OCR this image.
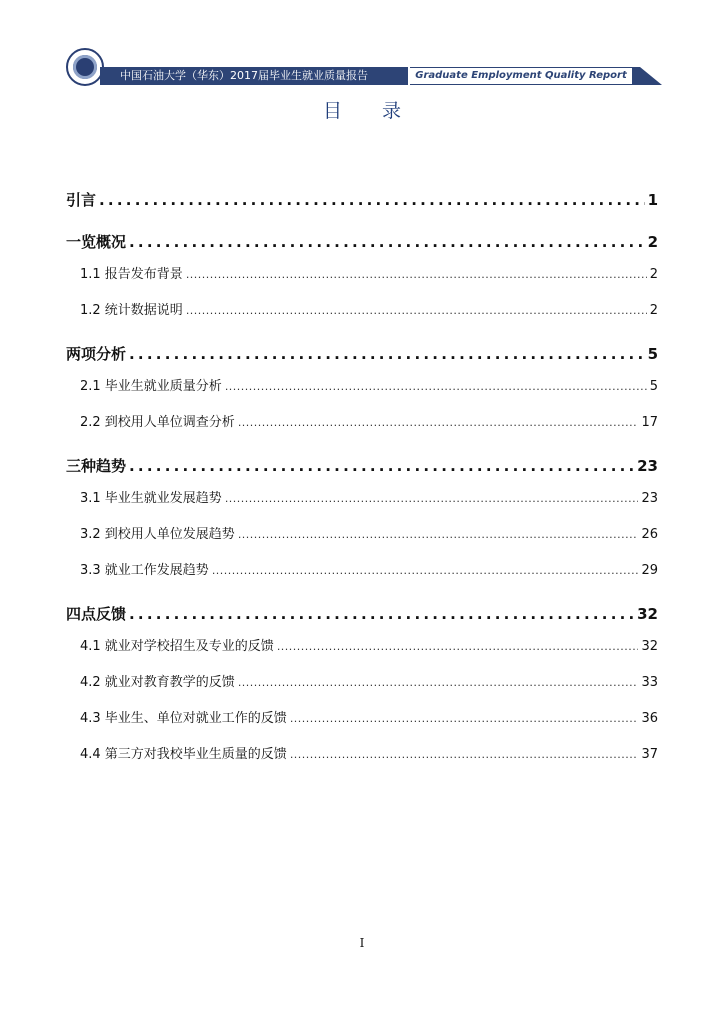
中国石油大学（华东）2017届毕业生就业质量报告	Graduate Employment Quality Report
目录
引言 . . .	1
一览概况 . . .	2
1.1 报告发布背景 . . .	2
1.2 统计数据说明 . . .	2
两项分析 . . .	5
2.1 毕业生就业质量分析 . . .	5
2.2 到校用人单位调查分析 . . .	17
三种趋势 . . .	23
3.1 毕业生就业发展趋势 . . .	23
3.2 到校用人单位发展趋势 . . .	26
3.3 就业工作发展趋势 . . .	29
四点反馈 . . .	32
4.1 就业对学校招生及专业的反馈 . . .	32
4.2 就业对教育教学的反馈 . . .	33
4.3 毕业生、单位对就业工作的反馈 . . .	36
4.4 第三方对我校毕业生质量的反馈 . . .	37
I
